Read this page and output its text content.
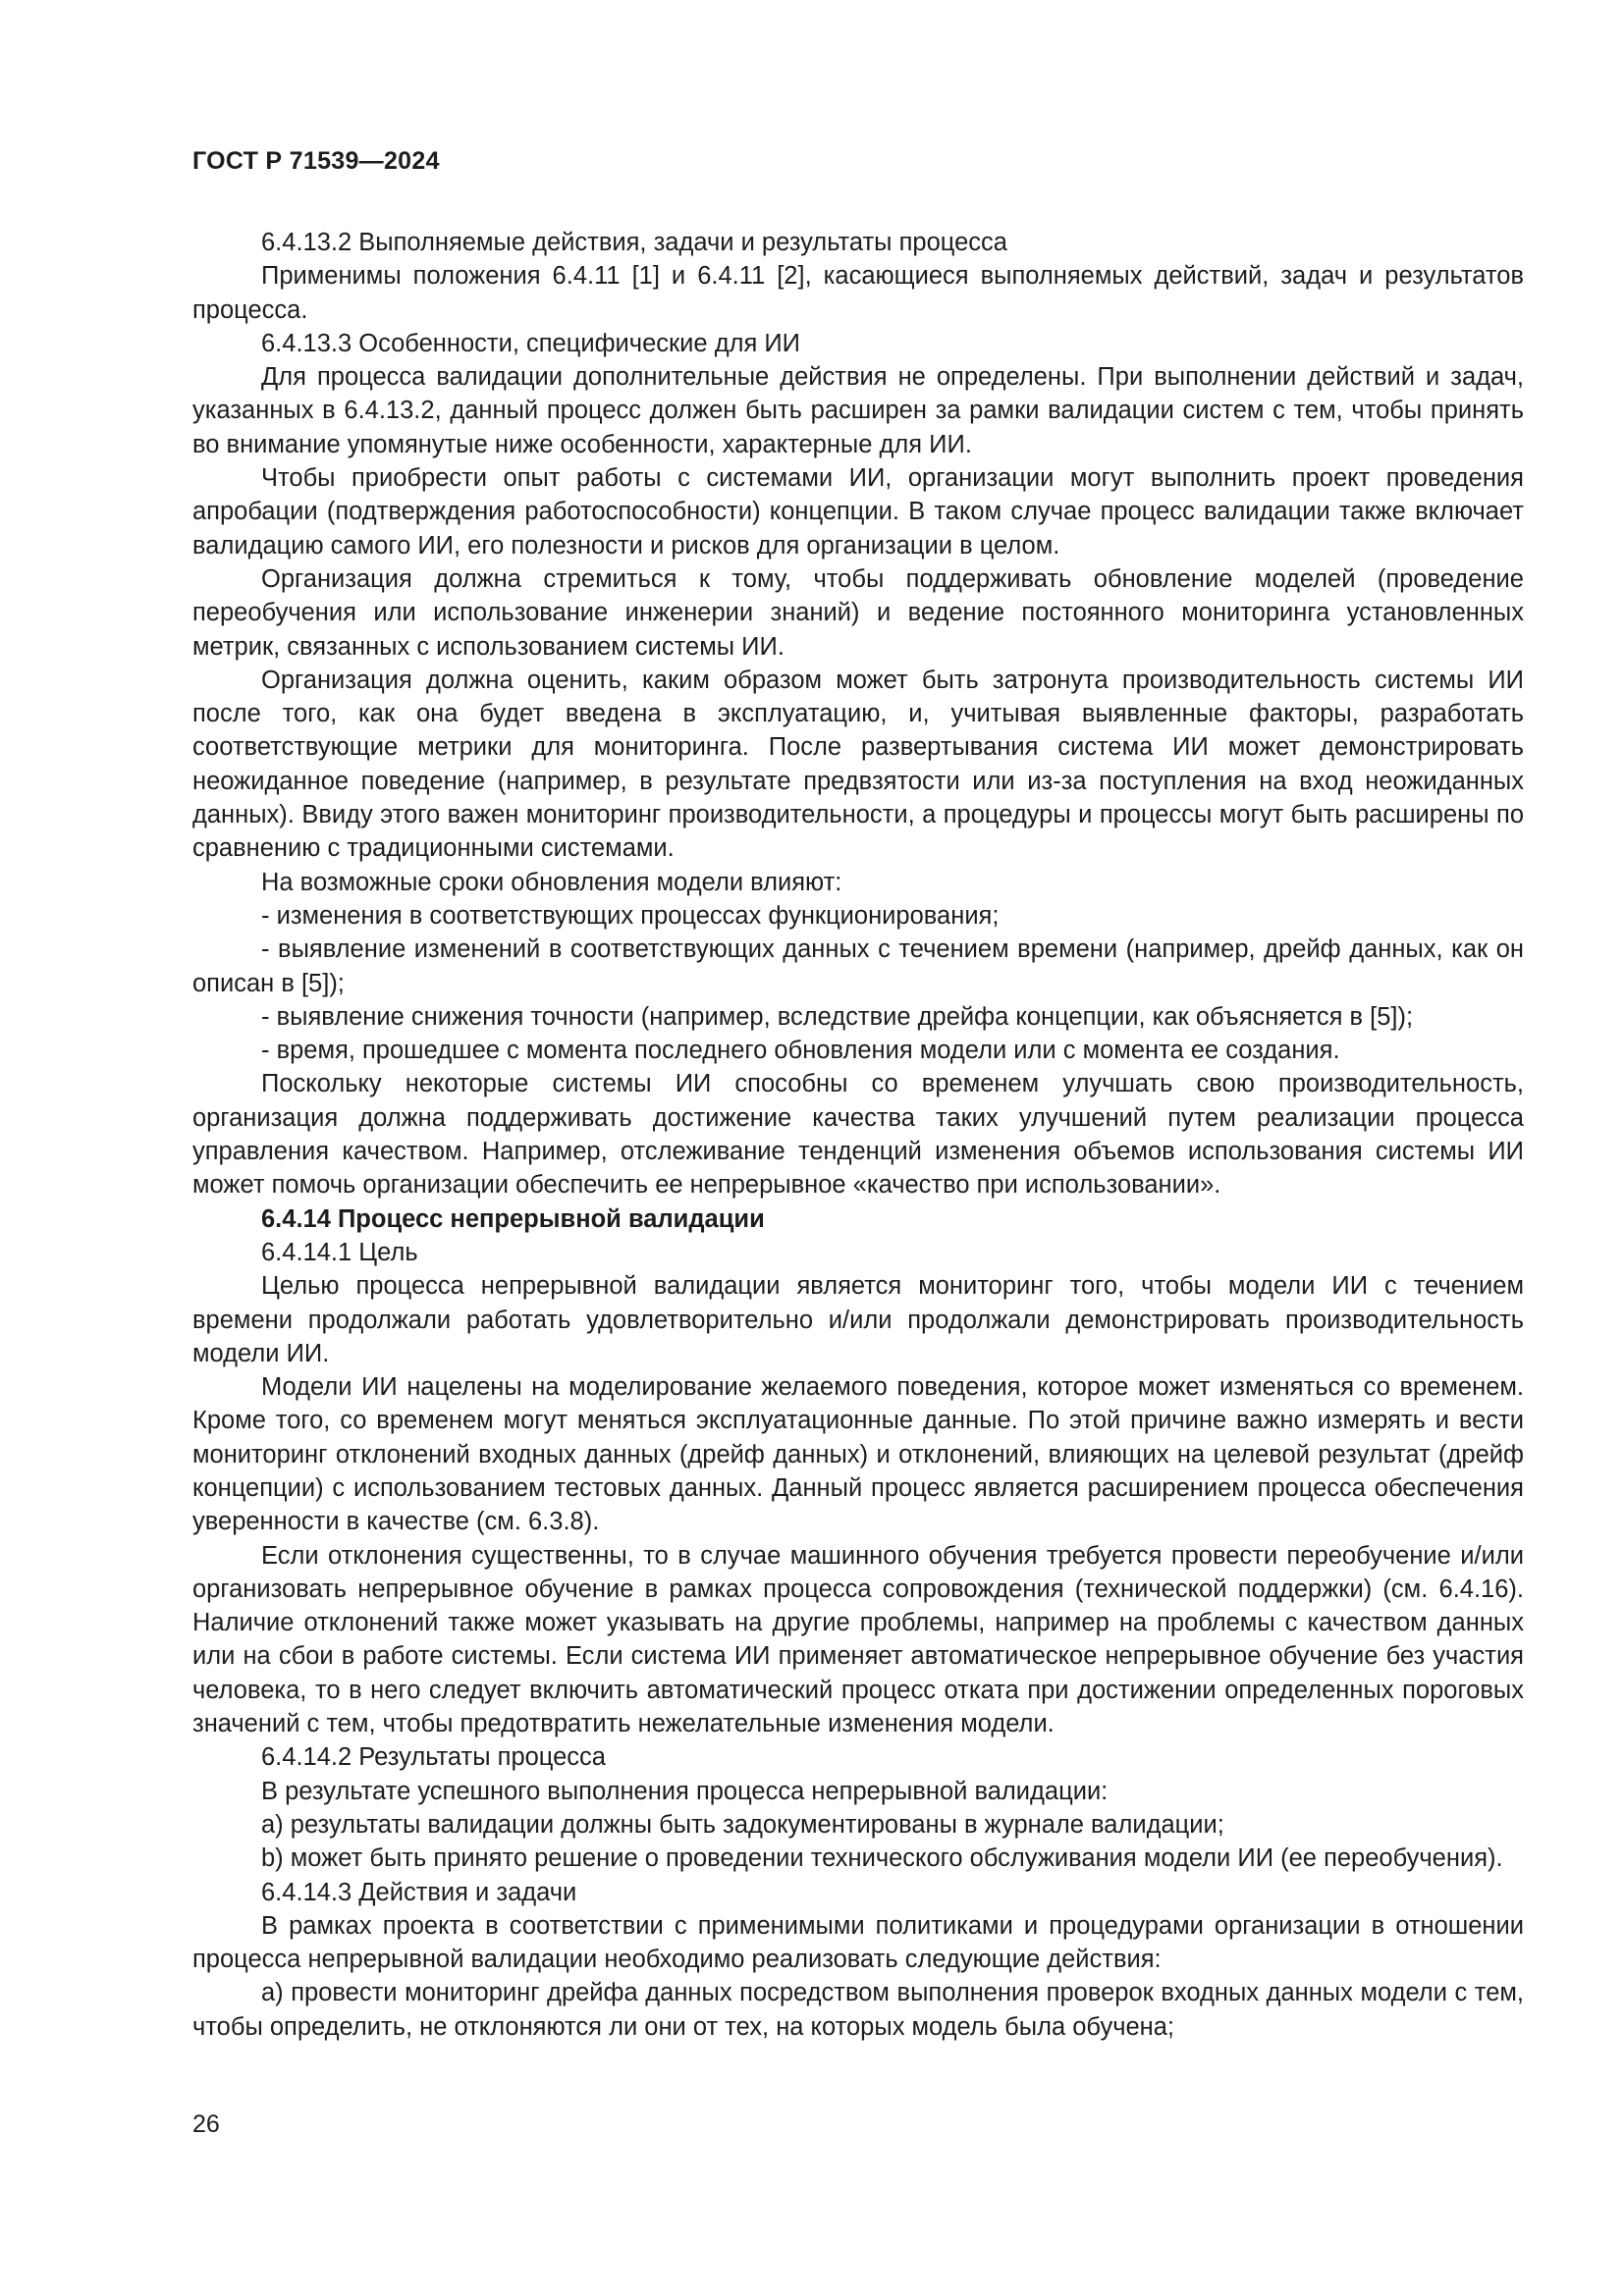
ГОСТ Р 71539—2024

6.4.13.2 Выполняемые действия, задачи и результаты процесса

Применимы положения 6.4.11 [1] и 6.4.11 [2], касающиеся выполняемых действий, задач и результатов процесса.

6.4.13.3 Особенности, специфические для ИИ

Для процесса валидации дополнительные действия не определены. При выполнении действий и задач, указанных в 6.4.13.2, данный процесс должен быть расширен за рамки валидации систем с тем, чтобы принять во внимание упомянутые ниже особенности, характерные для ИИ.

Чтобы приобрести опыт работы с системами ИИ, организации могут выполнить проект проведения апробации (подтверждения работоспособности) концепции. В таком случае процесс валидации также включает валидацию самого ИИ, его полезности и рисков для организации в целом.

Организация должна стремиться к тому, чтобы поддерживать обновление моделей (проведение переобучения или использование инженерии знаний) и ведение постоянного мониторинга установленных метрик, связанных с использованием системы ИИ.

Организация должна оценить, каким образом может быть затронута производительность системы ИИ после того, как она будет введена в эксплуатацию, и, учитывая выявленные факторы, разработать соответствующие метрики для мониторинга. После развертывания система ИИ может демонстрировать неожиданное поведение (например, в результате предвзятости или из-за поступления на вход неожиданных данных). Ввиду этого важен мониторинг производительности, а процедуры и процессы могут быть расширены по сравнению с традиционными системами.

На возможные сроки обновления модели влияют:

- изменения в соответствующих процессах функционирования;

- выявление изменений в соответствующих данных с течением времени (например, дрейф данных, как он описан в [5]);

- выявление снижения точности (например, вследствие дрейфа концепции, как объясняется в [5]);

- время, прошедшее с момента последнего обновления модели или с момента ее создания.

Поскольку некоторые системы ИИ способны со временем улучшать свою производительность, организация должна поддерживать достижение качества таких улучшений путем реализации процесса управления качеством. Например, отслеживание тенденций изменения объемов использования системы ИИ может помочь организации обеспечить ее непрерывное «качество при использовании».

6.4.14 Процесс непрерывной валидации

6.4.14.1 Цель

Целью процесса непрерывной валидации является мониторинг того, чтобы модели ИИ с течением времени продолжали работать удовлетворительно и/или продолжали демонстрировать производительность модели ИИ.

Модели ИИ нацелены на моделирование желаемого поведения, которое может изменяться со временем. Кроме того, со временем могут меняться эксплуатационные данные. По этой причине важно измерять и вести мониторинг отклонений входных данных (дрейф данных) и отклонений, влияющих на целевой результат (дрейф концепции) с использованием тестовых данных. Данный процесс является расширением процесса обеспечения уверенности в качестве (см. 6.3.8).

Если отклонения существенны, то в случае машинного обучения требуется провести переобучение и/или организовать непрерывное обучение в рамках процесса сопровождения (технической поддержки) (см. 6.4.16). Наличие отклонений также может указывать на другие проблемы, например на проблемы с качеством данных или на сбои в работе системы. Если система ИИ применяет автоматическое непрерывное обучение без участия человека, то в него следует включить автоматический процесс отката при достижении определенных пороговых значений с тем, чтобы предотвратить нежелательные изменения модели.

6.4.14.2 Результаты процесса

В результате успешного выполнения процесса непрерывной валидации:

a) результаты валидации должны быть задокументированы в журнале валидации;

b) может быть принято решение о проведении технического обслуживания модели ИИ (ее переобучения).

6.4.14.3 Действия и задачи

В рамках проекта в соответствии с применимыми политиками и процедурами организации в отношении процесса непрерывной валидации необходимо реализовать следующие действия:

a) провести мониторинг дрейфа данных посредством выполнения проверок входных данных модели с тем, чтобы определить, не отклоняются ли они от тех, на которых модель была обучена;

26
